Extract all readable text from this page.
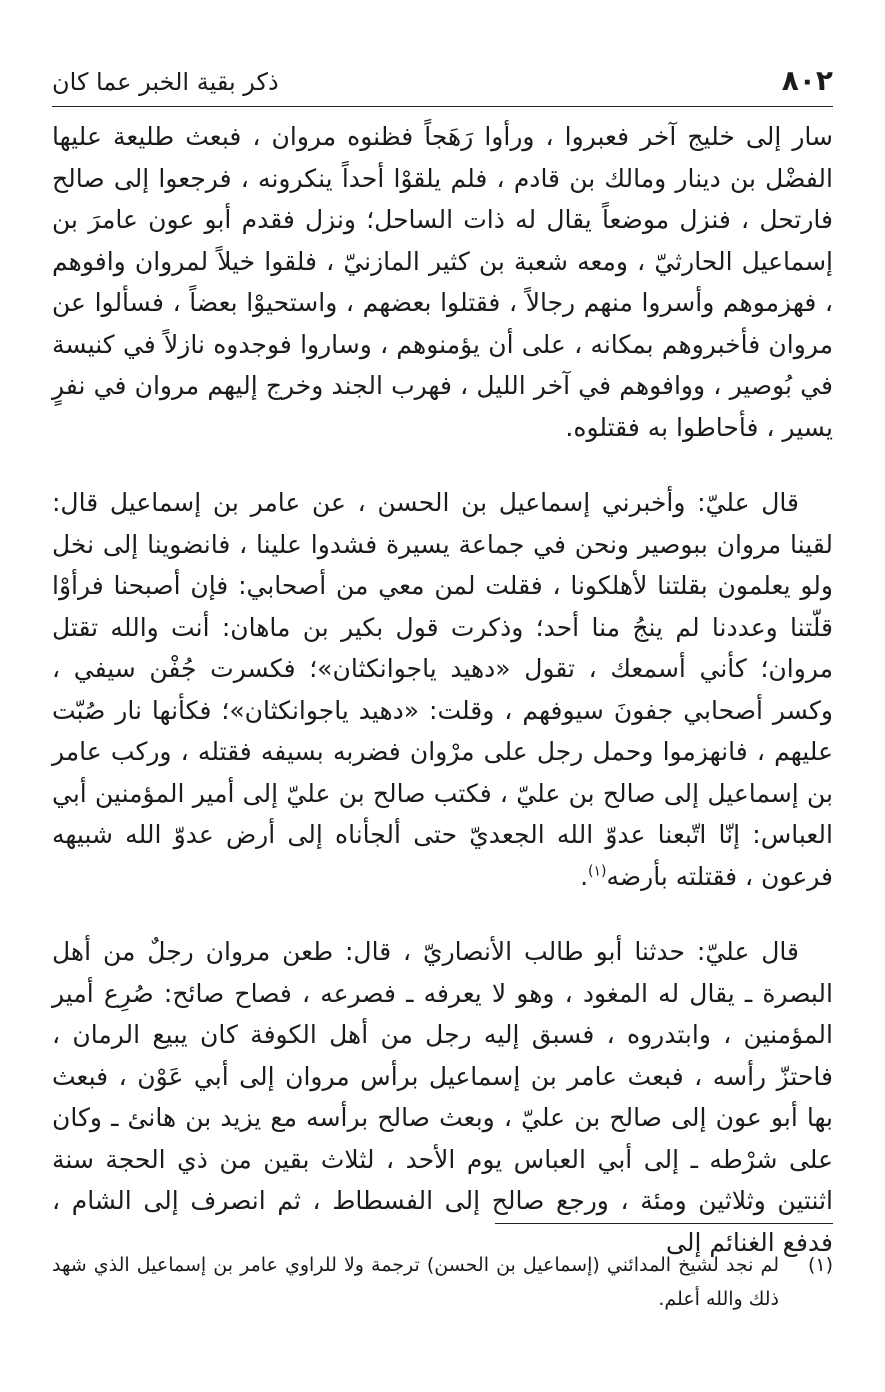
٨٠٢
ذكر بقية الخبر عما كان

سار إلى خليج آخر فعبروا ، ورأوا رَهَجاً فظنوه مروان ، فبعث طليعة عليها الفضْل بن دينار ومالك بن قادم ، فلم يلقوْا أحداً ينكرونه ، فرجعوا إلى صالح فارتحل ، فنزل موضعاً يقال له ذات الساحل؛ ونزل فقدم أبو عون عامرَ بن إسماعيل الحارثيّ ، ومعه شعبة بن كثير المازنيّ ، فلقوا خيلاً لمروان وافوهم ، فهزموهم وأسروا منهم رجالاً ، فقتلوا بعضهم ، واستحيوْا بعضاً ، فسألوا عن مروان فأخبروهم بمكانه ، على أن يؤمنوهم ، وساروا فوجدوه نازلاً في كنيسة في بُوصير ، ووافوهم في آخر الليل ، فهرب الجند وخرج إليهم مروان في نفرٍ يسير ، فأحاطوا به فقتلوه.

قال عليّ: وأخبرني إسماعيل بن الحسن ، عن عامر بن إسماعيل قال: لقينا مروان ببوصير ونحن في جماعة يسيرة فشدوا علينا ، فانضوينا إلى نخل ولو يعلمون بقلتنا لأهلكونا ، فقلت لمن معي من أصحابي: فإن أصبحنا فرأوْا قلّتنا وعددنا لم ينجُ منا أحد؛ وذكرت قول بكير بن ماهان: أنت والله تقتل مروان؛ كأني أسمعك ، تقول «دهيد ياجوانكثان»؛ فكسرت جُفْن سيفي ، وكسر أصحابي جفونَ سيوفهم ، وقلت: «دهيد ياجوانكثان»؛ فكأنها نار صُبّت عليهم ، فانهزموا وحمل رجل على مرْوان فضربه بسيفه فقتله ، وركب عامر بن إسماعيل إلى صالح بن عليّ ، فكتب صالح بن عليّ إلى أمير المؤمنين أبي العباس: إنّا اتّبعنا عدوّ الله الجعديّ حتى ألجأناه إلى أرض عدوّ الله شبيهه فرعون ، فقتلته بأرضه$^{(١)}$.

قال عليّ: حدثنا أبو طالب الأنصاريّ ، قال: طعن مروان رجلٌ من أهل البصرة ـ يقال له المغود ، وهو لا يعرفه ـ فصرعه ، فصاح صائح: صُرِع أمير المؤمنين ، وابتدروه ، فسبق إليه رجل من أهل الكوفة كان يبيع الرمان ، فاحتزّ رأسه ، فبعث عامر بن إسماعيل برأس مروان إلى أبي عَوْن ، فبعث بها أبو عون إلى صالح بن عليّ ، وبعث صالح برأسه مع يزيد بن هانئ ـ وكان على شرْطه ـ إلى أبي العباس يوم الأحد ، لثلاث بقين من ذي الحجة سنة اثنتين وثلاثين ومئة ، ورجع صالح إلى الفسطاط ، ثم انصرف إلى الشام ، فدفع الغنائم إلى

(١)
لم نجد لشيخ المدائني (إسماعيل بن الحسن) ترجمة ولا للراوي عامر بن إسماعيل الذي شهد ذلك والله أعلم.
